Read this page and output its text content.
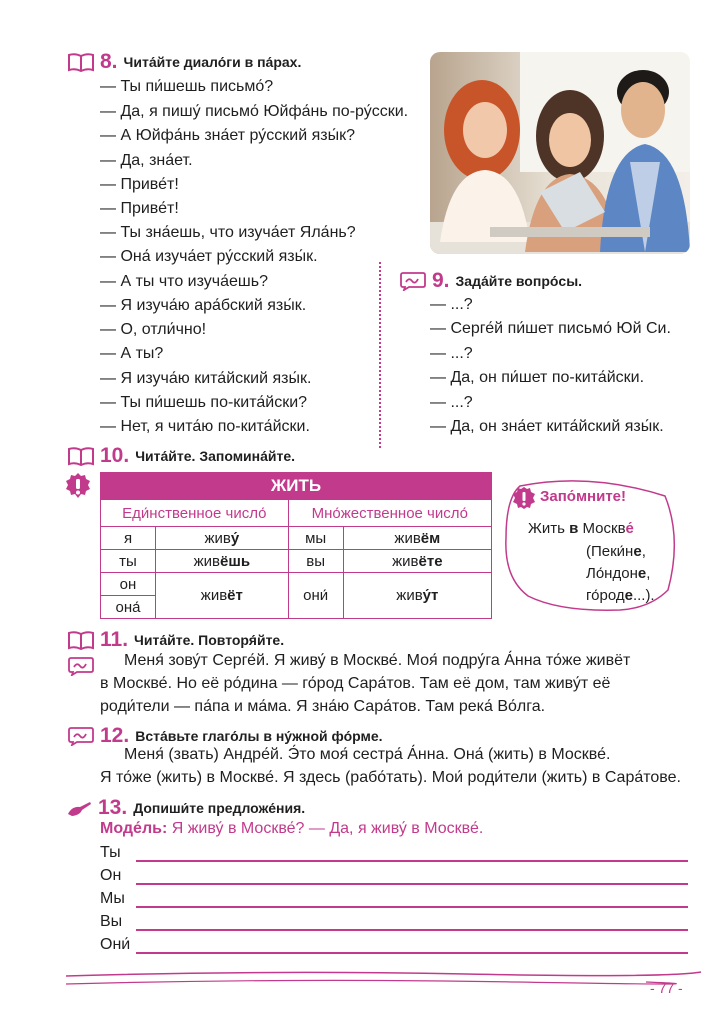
8. Чита́йте диало́ги в па́рах.
— Ты пи́шешь письмо́?
— Да, я пишу́ письмо́ Юйфа́нь по-ру́сски.
— А Юйфа́нь зна́ет ру́сский язы́к?
— Да, зна́ет.
— Приве́т!
— Приве́т!
— Ты зна́ешь, что изуча́ет Яла́нь?
— Она́ изуча́ет ру́сский язы́к.
— А ты что изуча́ешь?
— Я изуча́ю ара́бский язы́к.
— О, отли́чно!
— А ты?
— Я изуча́ю кита́йский язы́к.
— Ты пи́шешь по-кита́йски?
— Нет, я чита́ю по-кита́йски.
9. Зада́йте вопро́сы.
— ...?
— Серге́й пи́шет письмо́ Юй Си.
— ...?
— Да, он пи́шет по-кита́йски.
— ...?
— Да, он зна́ет кита́йский язы́к.
10. Чита́йте. Запомина́йте.
ЖИТЬ			
Еди́нственное число́		Мно́жественное число́	
я	живу́	мы	живём
ты	живёшь	вы	живёте
он	живёт	они́	живу́т
она́			
Запо́мните!
Жить в Москве́
(Пеки́не,
Ло́ндоне,
го́роде...).
11. Чита́йте. Повторя́йте.
Меня́ зову́т Серге́й. Я живу́ в Москве́. Моя́ подру́га А́нна то́же живёт
в Москве́. Но её ро́дина — го́род Сара́тов. Там её дом, там живу́т её
роди́тели — па́па и ма́ма. Я зна́ю Сара́тов. Там река́ Во́лга.
12. Вста́вьте глаго́лы в ну́жной фо́рме.
Меня́ (звать) Андре́й. Э́то моя́ сестра́ А́нна. Она́ (жить) в Москве́.
Я то́же (жить) в Москве́. Я здесь (рабо́тать). Мои́ роди́тели (жить) в Сара́тове.
13. Допиши́те предложе́ния.
Моде́ль: Я живу́ в Москве́? — Да, я живу́ в Москве́.
Ты
Он
Мы
Вы
Они́
- 77 -
